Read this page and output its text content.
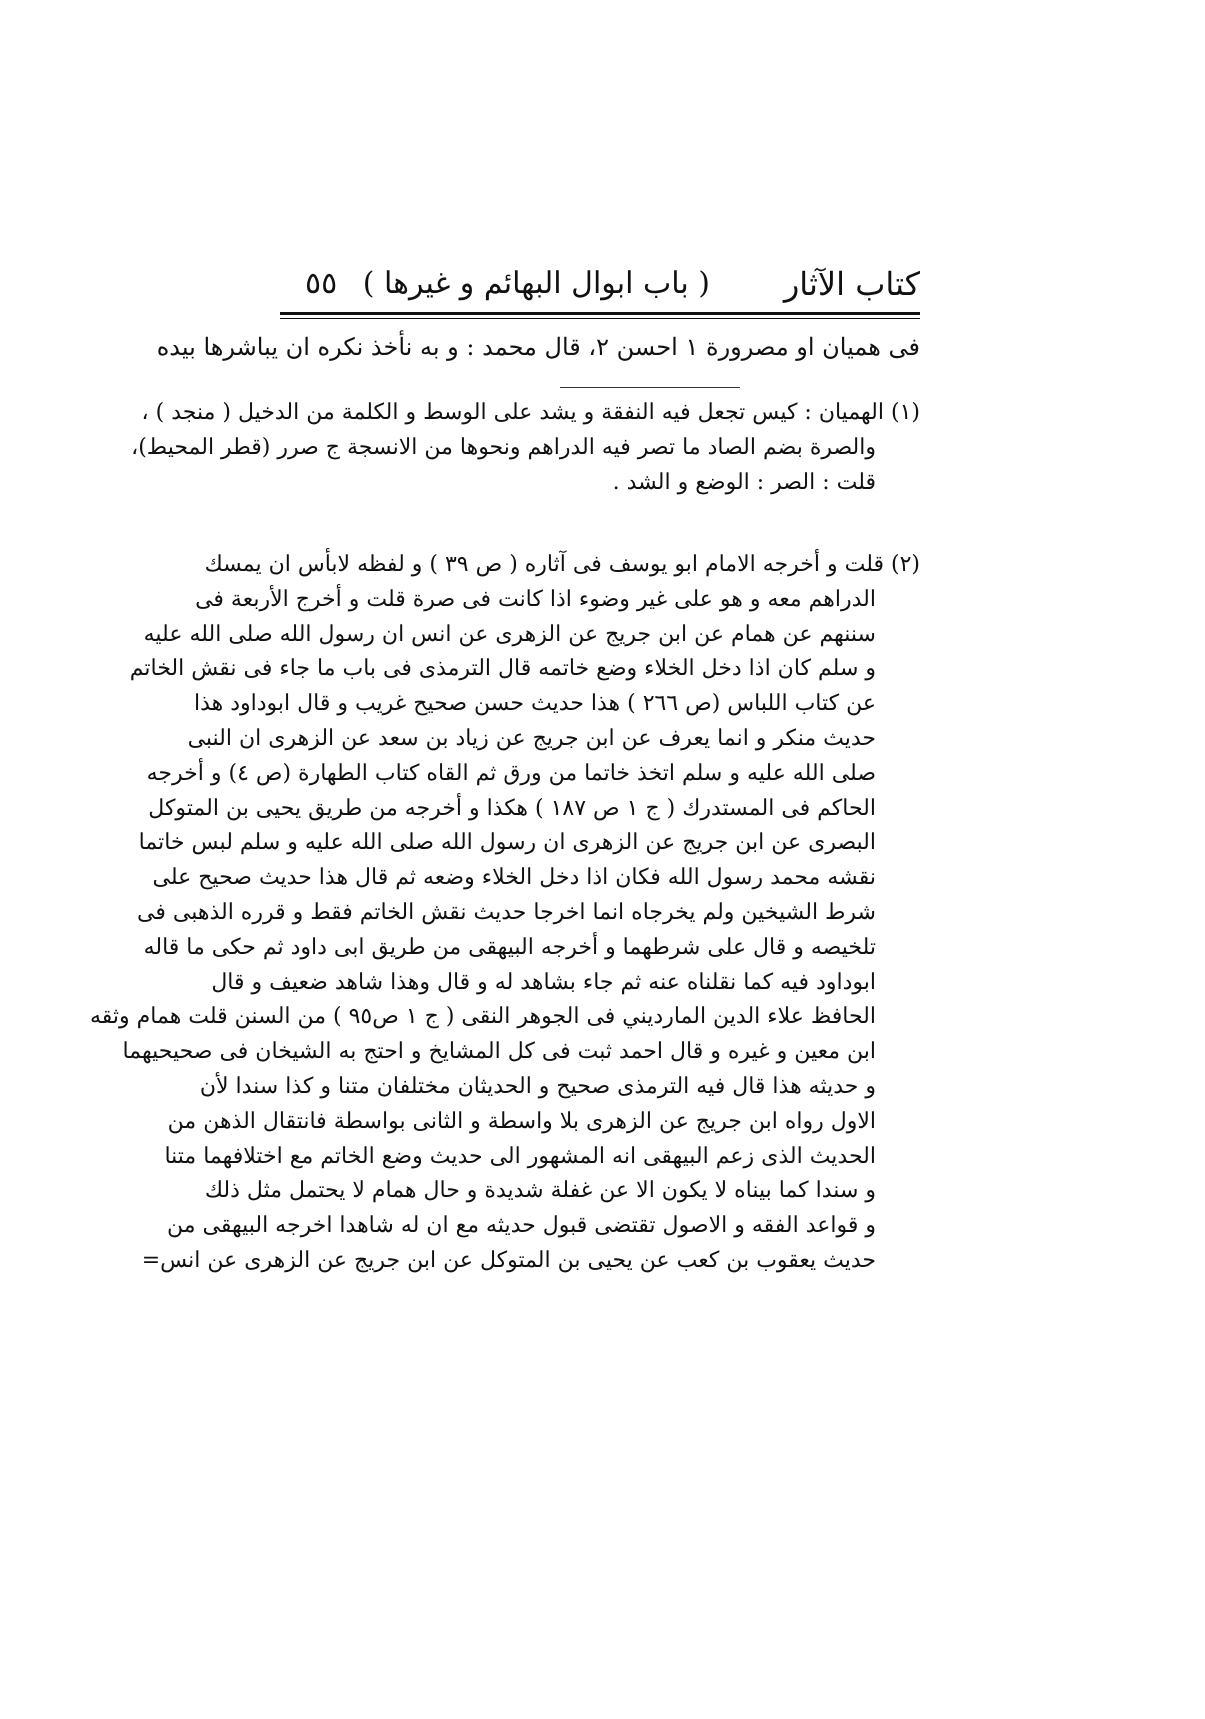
كتاب الآثار
( باب ابوال البهائم و غيرها )
٥٥
فى هميان او مصرورة ١ احسن ٢، قال محمد : و به نأخذ نكره ان يباشرها بيده
(١) الهميان : كيس تجعل فيه النفقة و يشد على الوسط و الكلمة من الدخيل ( منجد ) ،
والصرة بضم الصاد ما تصر فيه الدراهم ونحوها من الانسجة ج صرر (قطر المحيط)،
قلت : الصر : الوضع و الشد .
(٢) قلت و أخرجه الامام ابو يوسف فى آثاره ( ص ٣٩ ) و لفظه لابأس ان يمسك
الدراهم معه و هو على غير وضوء اذا كانت فى صرة قلت و أخرج الأربعة فى
سننهم عن همام عن ابن جريج عن الزهرى عن انس ان رسول الله صلى الله عليه
و سلم كان اذا دخل الخلاء وضع خاتمه قال الترمذى فى باب ما جاء فى نقش الخاتم
عن كتاب اللباس (ص ٢٦٦ ) هذا حديث حسن صحيح غريب و قال ابوداود هذا
حديث منكر و انما يعرف عن ابن جريج عن زياد بن سعد عن الزهرى ان النبى
صلى الله عليه و سلم اتخذ خاتما من ورق ثم القاه كتاب الطهارة (ص ٤) و أخرجه
الحاكم فى المستدرك ( ج ١ ص ١٨٧ ) هكذا و أخرجه من طريق يحيى بن المتوكل
البصرى عن ابن جريج عن الزهرى ان رسول الله صلى الله عليه و سلم لبس خاتما
نقشه محمد رسول الله فكان اذا دخل الخلاء وضعه ثم قال هذا حديث صحيح على
شرط الشيخين ولم يخرجاه انما اخرجا حديث نقش الخاتم فقط و قرره الذهبى فى
تلخيصه و قال على شرطهما و أخرجه البيهقى من طريق ابى داود ثم حكى ما قاله
ابوداود فيه كما نقلناه عنه ثم جاء بشاهد له و قال وهذا شاهد ضعيف و قال
الحافظ علاء الدين المارديني فى الجوهر النقى ( ج ١ ص٩٥ ) من السنن قلت همام وثقه
ابن معين و غيره و قال احمد ثبت فى كل المشايخ و احتج به الشيخان فى صحيحيهما
و حديثه هذا قال فيه الترمذى صحيح و الحديثان مختلفان متنا و كذا سندا لأن
الاول رواه ابن جريج عن الزهرى بلا واسطة و الثانى بواسطة فانتقال الذهن من
الحديث الذى زعم البيهقى انه المشهور الى حديث وضع الخاتم مع اختلافهما متنا
و سندا كما بيناه لا يكون الا عن غفلة شديدة و حال همام لا يحتمل مثل ذلك
و قواعد الفقه و الاصول تقتضى قبول حديثه مع ان له شاهدا اخرجه البيهقى من
حديث يعقوب بن كعب عن يحيى بن المتوكل عن ابن جريج عن الزهرى عن انس=
